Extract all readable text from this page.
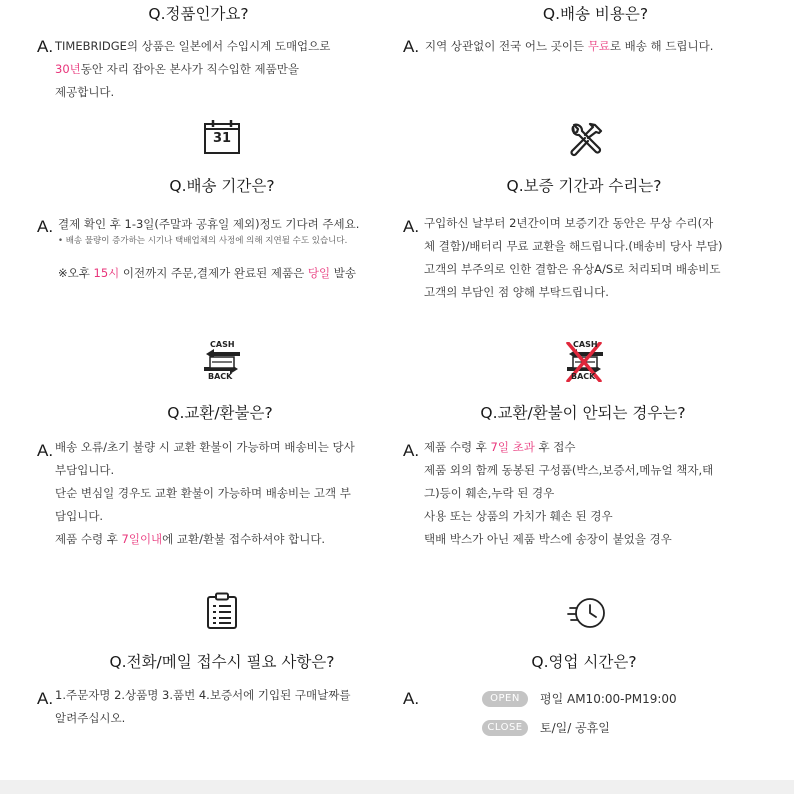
Q.정품인가요?
A. TIMEBRIDGE의 상품은 일본에서 수입시계 도매업으로
30년동안 자리 잡아온 본사가 직수입한 제품만을
제공합니다.
Q.배송 비용은?
A. 지역 상관없이 전국 어느 곳이든 무료로 배송 해 드립니다.
31
Q.배송 기간은?
A. 결제 확인 후 1-3일(주말과 공휴일 제외)정도 기다려 주세요.
• 배송 물량이 증가하는 시기나 택배업체의 사정에 의해 지연될 수도 있습니다.
※오후 15시 이전까지 주문,결제가 완료된 제품은 당일 발송
Q.보증 기간과 수리는?
A. 구입하신 날부터 2년간이며 보증기간 동안은 무상 수리(자
체 결함)/배터리 무료 교환을 해드립니다.(배송비 당사 부담)
고객의 부주의로 인한 결함은 유상A/S로 처리되며 배송비도
고객의 부담인 점 양해 부탁드립니다.
CASH
BACK
Q.교환/환불은?
A. 배송 오류/초기 불량 시 교환 환불이 가능하며 배송비는 당사
부담입니다.
단순 변심일 경우도 교환 환불이 가능하며 배송비는 고객 부
담입니다.
제품 수령 후 7일이내에 교환/환불 접수하셔야 합니다.
CASH
BACK
Q.교환/환불이 안되는 경우는?
A. 제품 수령 후 7일 초과 후 접수
제품 외의 함께 동봉된 구성품(박스,보증서,메뉴얼 책자,태
그)등이 훼손,누락 된 경우
사용 또는 상품의 가치가 훼손 된 경우
택배 박스가 아닌 제품 박스에 송장이 붙었을 경우
Q.전화/메일 접수시 필요 사항은?
A. 1.주문자명 2.상품명 3.품번 4.보증서에 기입된 구매날짜를
알려주십시오.
Q.영업 시간은?
A.	OPEN 평일 AM10:00-PM19:00
CLOSE 토/일/ 공휴일
